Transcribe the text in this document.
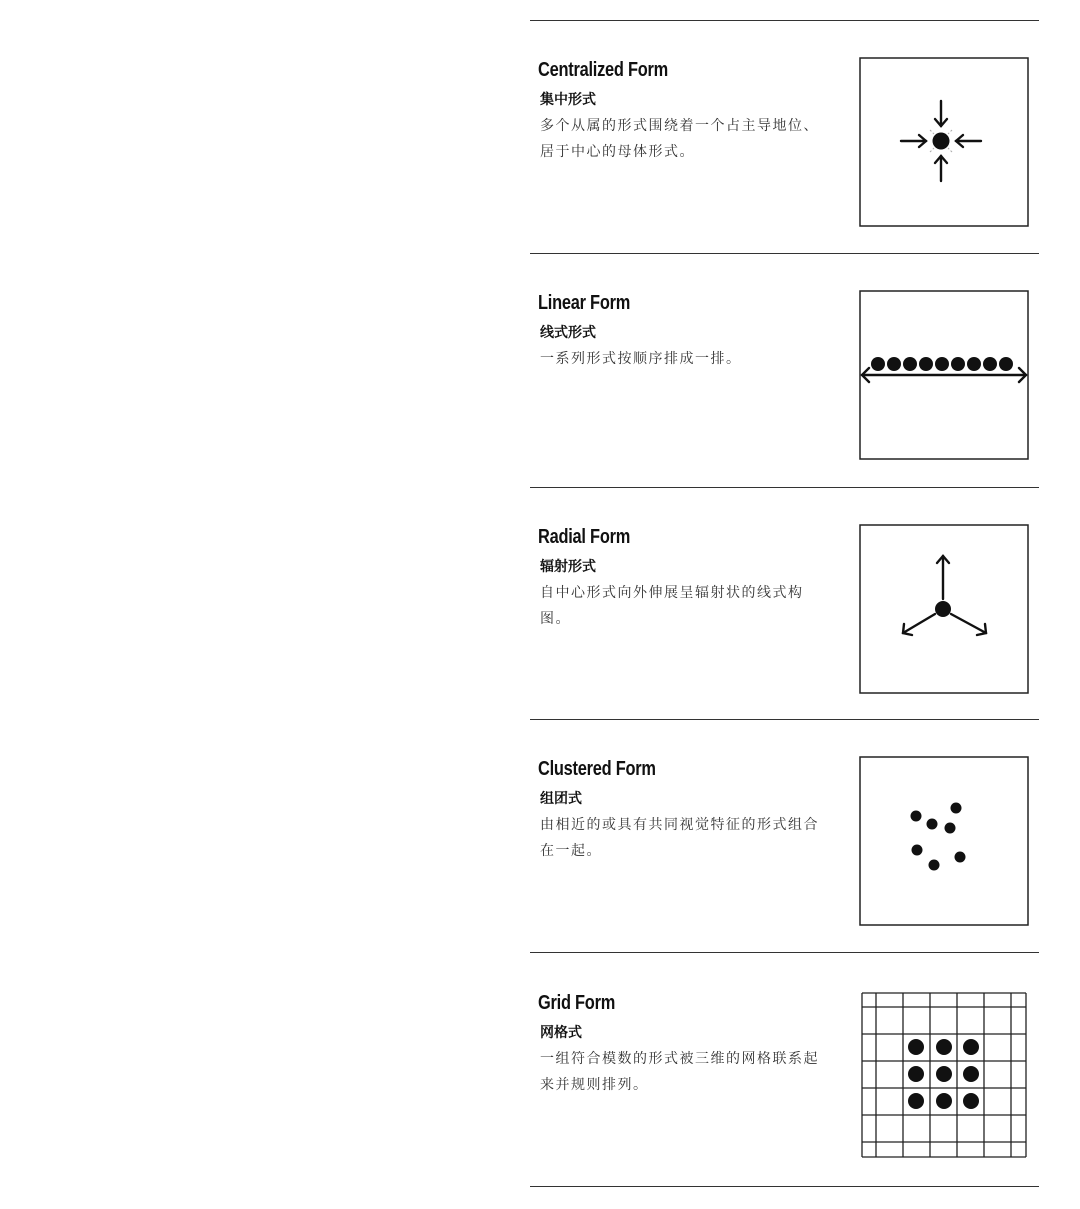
Centralized Form
集中形式
多个从属的形式围绕着一个占主导地位、居于中心的母体形式。
Linear Form
线式形式
一系列形式按顺序排成一排。
Radial Form
辐射形式
自中心形式向外伸展呈辐射状的线式构图。
Clustered Form
组团式
由相近的或具有共同视觉特征的形式组合在一起。
Grid Form
网格式
一组符合模数的形式被三维的网格联系起来并规则排列。
